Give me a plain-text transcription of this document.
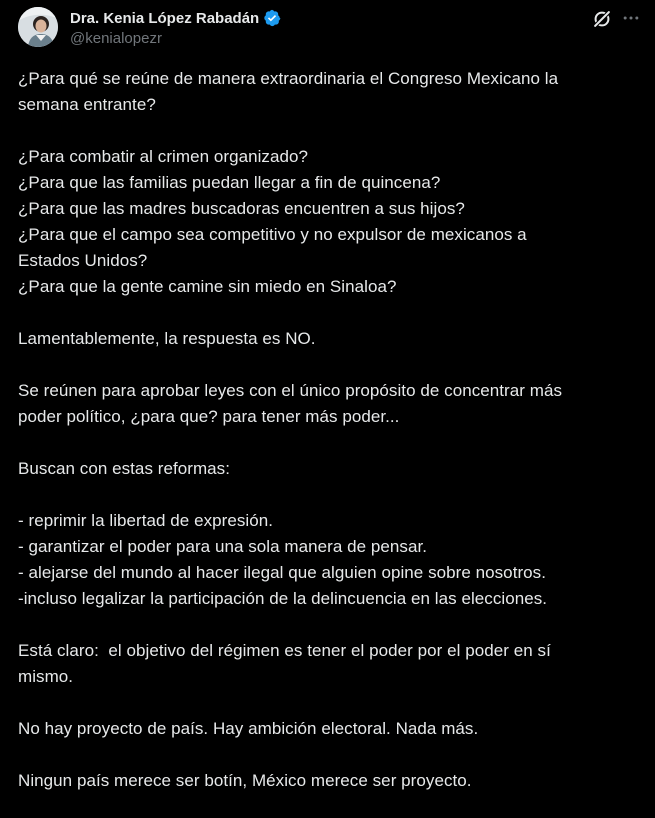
Dra. Kenia López Rabadán
@kenialopezr
¿Para qué se reúne de manera extraordinaria el Congreso Mexicano la
semana entrante?

¿Para combatir al crimen organizado?
¿Para que las familias puedan llegar a fin de quincena?
¿Para que las madres buscadoras encuentren a sus hijos?
¿Para que el campo sea competitivo y no expulsor de mexicanos a
Estados Unidos?
¿Para que la gente camine sin miedo en Sinaloa?

Lamentablemente, la respuesta es NO.

Se reúnen para aprobar leyes con el único propósito de concentrar más
poder político, ¿para que? para tener más poder...

Buscan con estas reformas:

- reprimir la libertad de expresión.
- garantizar el poder para una sola manera de pensar.
- alejarse del mundo al hacer ilegal que alguien opine sobre nosotros.
-incluso legalizar la participación de la delincuencia en las elecciones.

Está claro:  el objetivo del régimen es tener el poder por el poder en sí
mismo.

No hay proyecto de país. Hay ambición electoral. Nada más.

Ningun país merece ser botín, México merece ser proyecto.
